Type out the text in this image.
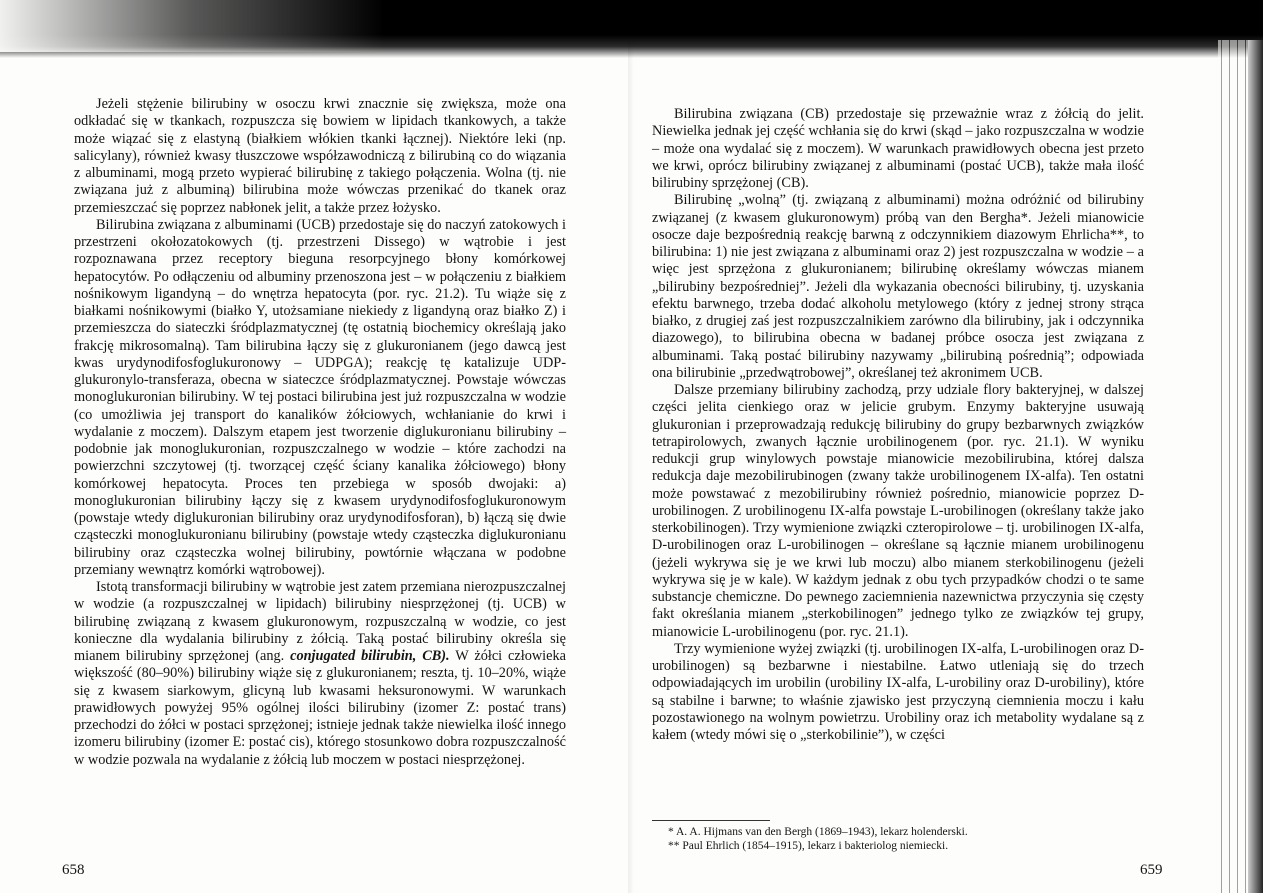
Jeżeli stężenie bilirubiny w osoczu krwi znacznie się zwiększa, może ona odkładać się w tkankach, rozpuszcza się bowiem w lipidach tkankowych, a także może wiązać się z elastyną (białkiem włókien tkanki łącznej). Niektóre leki (np. salicylany), również kwasy tłuszczowe współzawodniczą z bilirubiną co do wiązania z albuminami, mogą przeto wypierać bilirubinę z takiego połączenia. Wolna (tj. nie związana już z albuminą) bilirubina może wówczas przenikać do tkanek oraz przemieszczać się poprzez nabłonek jelit, a także przez łożysko.

Bilirubina związana z albuminami (UCB) przedostaje się do naczyń zatokowych i przestrzeni okołozatokowych (tj. przestrzeni Dissego) w wątrobie i jest rozpoznawana przez receptory bieguna resorpcyjnego błony komórkowej hepatocytów. Po odłączeniu od albuminy przenoszona jest – w połączeniu z białkiem nośnikowym ligandyną – do wnętrza hepatocyta (por. ryc. 21.2). Tu wiąże się z białkami nośnikowymi (białko Y, utożsamiane niekiedy z ligandyną oraz białko Z) i przemieszcza do siateczki śródplazmatycznej (tę ostatnią biochemicy określają jako frakcję mikrosomalną). Tam bilirubina łączy się z glukuronianem (jego dawcą jest kwas urydynodifosfoglukuronowy – UDPGA); reakcję tę katalizuje UDP-glukuronylo-transferaza, obecna w siateczce śródplazmatycznej. Powstaje wówczas monoglukuronian bilirubiny. W tej postaci bilirubina jest już rozpuszczalna w wodzie (co umożliwia jej transport do kanalików żółciowych, wchłanianie do krwi i wydalanie z moczem). Dalszym etapem jest tworzenie diglukuronianu bilirubiny – podobnie jak monoglukuronian, rozpuszczalnego w wodzie – które zachodzi na powierzchni szczytowej (tj. tworzącej część ściany kanalika żółciowego) błony komórkowej hepatocyta. Proces ten przebiega w sposób dwojaki: a) monoglukuronian bilirubiny łączy się z kwasem urydynodifosfoglukuronowym (powstaje wtedy diglukuronian bilirubiny oraz urydynodifosforan), b) łączą się dwie cząsteczki monoglukuronianu bilirubiny (powstaje wtedy cząsteczka diglukuronianu bilirubiny oraz cząsteczka wolnej bilirubiny, powtórnie włączana w podobne przemiany wewnątrz komórki wątrobowej).

Istotą transformacji bilirubiny w wątrobie jest zatem przemiana nierozpuszczalnej w wodzie (a rozpuszczalnej w lipidach) bilirubiny niesprzężonej (tj. UCB) w bilirubinę związaną z kwasem glukuronowym, rozpuszczalną w wodzie, co jest konieczne dla wydalania bilirubiny z żółcią. Taką postać bilirubiny określa się mianem bilirubiny sprzężonej (ang. conjugated bilirubin, CB). W żółci człowieka większość (80–90%) bilirubiny wiąże się z glukuronianem; reszta, tj. 10–20%, wiąże się z kwasem siarkowym, glicyną lub kwasami heksuronowymi. W warunkach prawidłowych powyżej 95% ogólnej ilości bilirubiny (izomer Z: postać trans) przechodzi do żółci w postaci sprzężonej; istnieje jednak także niewielka ilość innego izomeru bilirubiny (izomer E: postać cis), którego stosunkowo dobra rozpuszczalność w wodzie pozwala na wydalanie z żółcią lub moczem w postaci niesprzężonej.

658

Bilirubina związana (CB) przedostaje się przeważnie wraz z żółcią do jelit. Niewielka jednak jej część wchłania się do krwi (skąd – jako rozpuszczalna w wodzie – może ona wydalać się z moczem). W warunkach prawidłowych obecna jest przeto we krwi, oprócz bilirubiny związanej z albuminami (postać UCB), także mała ilość bilirubiny sprzężonej (CB).

Bilirubinę „wolną” (tj. związaną z albuminami) można odróżnić od bilirubiny związanej (z kwasem glukuronowym) próbą van den Bergha*. Jeżeli mianowicie osocze daje bezpośrednią reakcję barwną z odczynnikiem diazowym Ehrlicha**, to bilirubina: 1) nie jest związana z albuminami oraz 2) jest rozpuszczalna w wodzie – a więc jest sprzężona z glukuronianem; bilirubinę określamy wówczas mianem „bilirubiny bezpośredniej”. Jeżeli dla wykazania obecności bilirubiny, tj. uzyskania efektu barwnego, trzeba dodać alkoholu metylowego (który z jednej strony strąca białko, z drugiej zaś jest rozpuszczalnikiem zarówno dla bilirubiny, jak i odczynnika diazowego), to bilirubina obecna w badanej próbce osocza jest związana z albuminami. Taką postać bilirubiny nazywamy „bilirubiną pośrednią”; odpowiada ona bilirubinie „przedwątrobowej”, określanej też akronimem UCB.

Dalsze przemiany bilirubiny zachodzą, przy udziale flory bakteryjnej, w dalszej części jelita cienkiego oraz w jelicie grubym. Enzymy bakteryjne usuwają glukuronian i przeprowadzają redukcję bilirubiny do grupy bezbarwnych związków tetrapirolowych, zwanych łącznie urobilinogenem (por. ryc. 21.1). W wyniku redukcji grup winylowych powstaje mianowicie mezobilirubina, której dalsza redukcja daje mezobilirubinogen (zwany także urobilinogenem IX-alfa). Ten ostatni może powstawać z mezobilirubiny również pośrednio, mianowicie poprzez D-urobilinogen. Z urobilinogenu IX-alfa powstaje L-urobilinogen (określany także jako sterkobilinogen). Trzy wymienione związki czteropirolowe – tj. urobilinogen IX-alfa, D-urobilinogen oraz L-urobilinogen – określane są łącznie mianem urobilinogenu (jeżeli wykrywa się je we krwi lub moczu) albo mianem sterkobilinogenu (jeżeli wykrywa się je w kale). W każdym jednak z obu tych przypadków chodzi o te same substancje chemiczne. Do pewnego zaciemnienia nazewnictwa przyczynia się częsty fakt określania mianem „sterkobilinogen” jednego tylko ze związków tej grupy, mianowicie L-urobilinogenu (por. ryc. 21.1).

Trzy wymienione wyżej związki (tj. urobilinogen IX-alfa, L-urobilinogen oraz D-urobilinogen) są bezbarwne i niestabilne. Łatwo utleniają się do trzech odpowiadających im urobilin (urobiliny IX-alfa, L-urobiliny oraz D-urobiliny), które są stabilne i barwne; to właśnie zjawisko jest przyczyną ciemnienia moczu i kału pozostawionego na wolnym powietrzu. Urobiliny oraz ich metabolity wydalane są z kałem (wtedy mówi się o „sterkobilinie”), w części

* A. A. Hijmans van den Bergh (1869–1943), lekarz holenderski.

** Paul Ehrlich (1854–1915), lekarz i bakteriolog niemiecki.

659
